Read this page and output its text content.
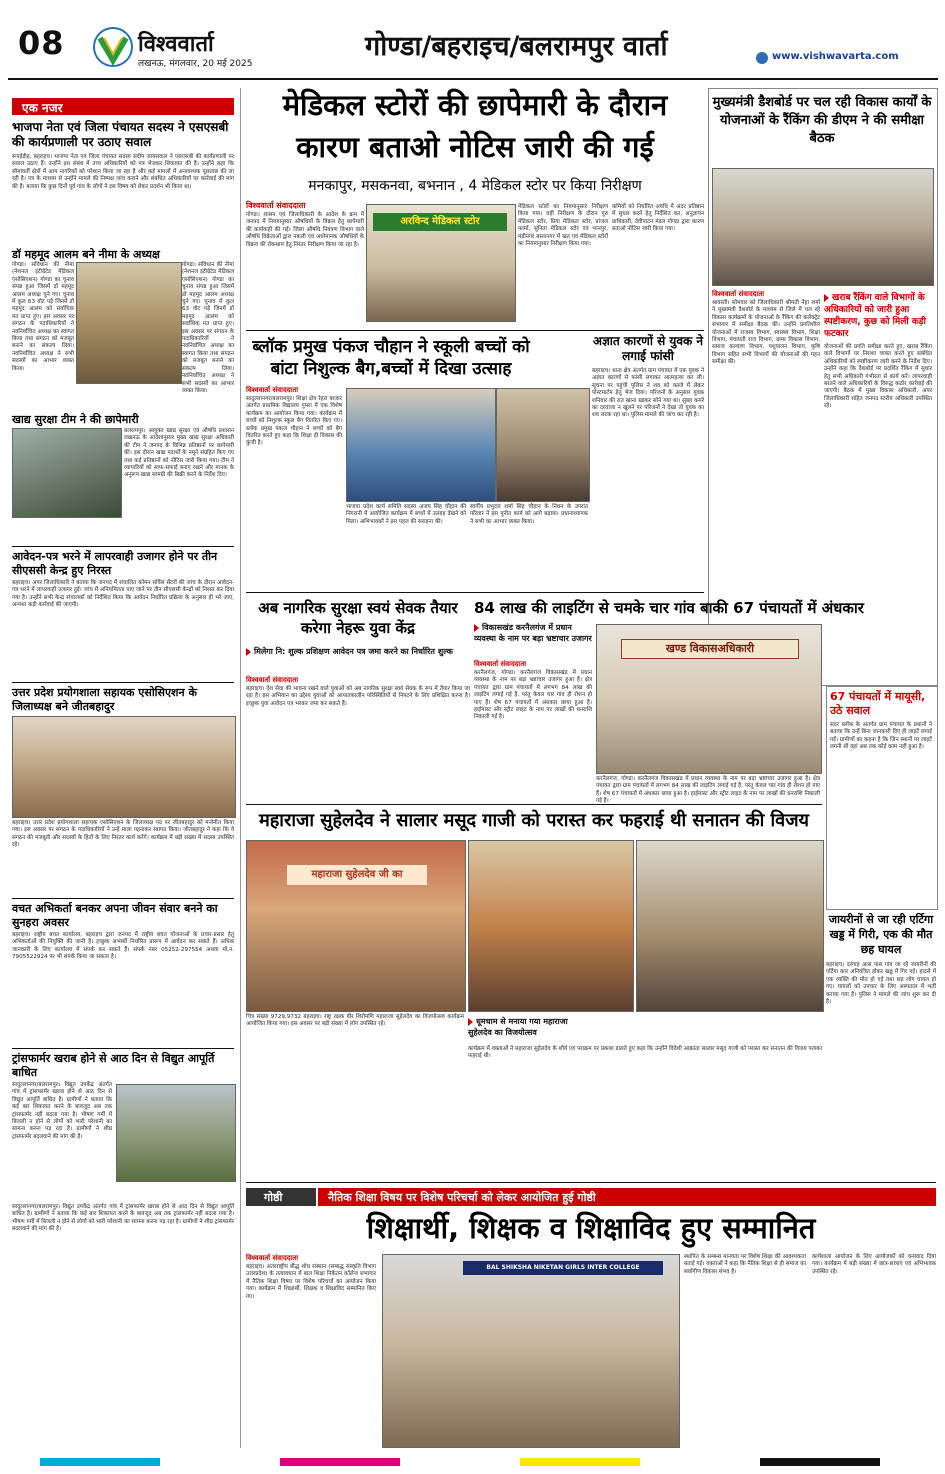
08	विश्ववार्ता
लखनऊ, मंगलवार, 20 मई 2025
गोण्डा/बहराइच/बलरामपुर वार्ता	www.vishwavarta.com
एक नजर
भाजपा नेता एवं जिला पंचायत सदस्य ने एसएसबी की कार्यप्रणाली पर उठाए सवाल
रूपईडीह, बहराइच। भाजपा नेता एवं जिला पंचायत सदस्य संदीप जायसवाल ने एसएसबी की कार्यप्रणाली पर सवाल उठाए हैं। उन्होंने इस संबंध में उच्च अधिकारियों को पत्र भेजकर शिकायत की है। उन्होंने कहा कि सीमावर्ती क्षेत्रों में आम नागरिकों को परेशान किया जा रहा है और कई मामलों में अनावश्यक पूछताछ की जा रही है। पत्र के माध्यम से उन्होंने मामले की निष्पक्ष जांच कराने और संबंधित अधिकारियों पर कार्रवाई की मांग की है। बताया कि कुछ दिनों पूर्व गांव के लोगों ने इस विषय को लेकर प्रदर्शन भी किया था।
डॉ महमूद आलम बने नीमा के अध्यक्ष
गोण्डा। संविधान की नीमा (नेशनल इंटीग्रेटेड मेडिकल एसोसिएशन) गोण्डा का चुनाव संपन्न हुआ जिसमें डॉ महमूद आलम अध्यक्ष चुने गए। चुनाव में कुल 63 वोट पड़े जिनमें डॉ महमूद आलम को सर्वाधिक मत प्राप्त हुए। इस अवसर पर संगठन के पदाधिकारियों ने नवनिर्वाचित अध्यक्ष का स्वागत किया तथा संगठन को मजबूत बनाने का संकल्प लिया। नवनिर्वाचित अध्यक्ष ने सभी सदस्यों का आभार व्यक्त किया।
गोण्डा। संविधान की नीमा (नेशनल इंटीग्रेटेड मेडिकल एसोसिएशन) गोण्डा का चुनाव संपन्न हुआ जिसमें डॉ महमूद आलम अध्यक्ष चुने गए। चुनाव में कुल 63 वोट पड़े जिनमें डॉ महमूद आलम को सर्वाधिक मत प्राप्त हुए। इस अवसर पर संगठन के पदाधिकारियों ने नवनिर्वाचित अध्यक्ष का स्वागत किया तथा संगठन को मजबूत बनाने का संकल्प लिया। नवनिर्वाचित अध्यक्ष ने सभी सदस्यों का आभार व्यक्त किया।
खाद्य सुरक्षा टीम ने की छापेमारी
बलरामपुर। आयुक्त खाद्य सुरक्षा एवं औषधि प्रशासन लखनऊ के आदेशानुसार मुख्य खाद्य सुरक्षा अधिकारी की टीम ने जनपद के विभिन्न प्रतिष्ठानों पर छापेमारी की। इस दौरान खाद्य पदार्थों के नमूने संग्रहित किए गए तथा कई प्रतिष्ठानों को नोटिस जारी किया गया। टीम ने व्यापारियों को साफ-सफाई बनाए रखने और मानक के अनुरूप खाद्य सामग्री की बिक्री करने के निर्देश दिए।
आवेदन-पत्र भरने में लापरवाही उजागर होने पर तीन सीएससी केन्द्र हुए निरस्त
बहराइच। अपर जिलाधिकारी ने बताया कि जनपद में संचालित कॉमन सर्विस सेंटरों की जांच के दौरान आवेदन-पत्र भरने में लापरवाही उजागर हुई। जांच में अनियमितता पाए जाने पर तीन सीएससी केन्द्रों को निरस्त कर दिया गया है। उन्होंने सभी केन्द्र संचालकों को निर्देशित किया कि आवेदन निर्धारित प्रक्रिया के अनुसार ही भरे जाएं, अन्यथा कड़ी कार्रवाई की जाएगी।
उत्तर प्रदेश प्रयोगशाला सहायक एसोसिएशन के जिलाध्यक्ष बने जीतबहादुर
बहराइच। उत्तर प्रदेश प्रयोगशाला सहायक एसोसिएशन के जिलाध्यक्ष पद पर जीतबहादुर को मनोनीत किया गया। इस अवसर पर संगठन के पदाधिकारियों ने उन्हें माला पहनाकर स्वागत किया। जीतबहादुर ने कहा कि वे संगठन की मजबूती और सदस्यों के हितों के लिए निरंतर कार्य करेंगे। कार्यक्रम में बड़ी संख्या में सदस्य उपस्थित रहे।
वचत अभिकर्ता बनकर अपना जीवन संवार बनने का सुनहरा अवसर
बहराइच। राष्ट्रीय बचत कार्यालय, बहराइच द्वारा जनपद में राष्ट्रीय बचत योजनाओं के प्रचार-प्रसार हेतु अभिकर्ताओं की नियुक्ति की जानी है। इच्छुक अभ्यर्थी निर्धारित प्रारूप में आवेदन कर सकते हैं। अधिक जानकारी के लिए कार्यालय में संपर्क कर सकते हैं। संपर्क नंबर 05252-297554 अथवा मो.न. 7905522924 पर भी संपर्क किया जा सकता है।
ट्रांसफार्मर खराब होने से आठ दिन से विद्युत आपूर्ति बाधित
सादुल्लानगर/बलरामपुर। विद्युत उपकेंद्र अंतर्गत गांव में ट्रांसफार्मर खराब होने से आठ दिन से विद्युत आपूर्ति बाधित है। ग्रामीणों ने बताया कि कई बार शिकायत करने के बावजूद अब तक ट्रांसफार्मर नहीं बदला गया है। भीषण गर्मी में बिजली न होने से लोगों को भारी परेशानी का सामना करना पड़ रहा है। ग्रामीणों ने शीघ्र ट्रांसफार्मर बदलवाने की मांग की है।
सादुल्लानगर/बलरामपुर। विद्युत उपकेंद्र अंतर्गत गांव में ट्रांसफार्मर खराब होने से आठ दिन से विद्युत आपूर्ति बाधित है। ग्रामीणों ने बताया कि कई बार शिकायत करने के बावजूद अब तक ट्रांसफार्मर नहीं बदला गया है। भीषण गर्मी में बिजली न होने से लोगों को भारी परेशानी का सामना करना पड़ रहा है। ग्रामीणों ने शीघ्र ट्रांसफार्मर बदलवाने की मांग की है।
मेडिकल स्टोरों की छापेमारी के दौरान
कारण बताओ नोटिस जारी की गई
मनकापुर, मसकनवा, बभनान , 4 मेडिकल स्टोर पर किया निरीक्षण
विश्ववार्ता संवाददाता
गोण्डा। शासन एवं जिलाधिकारी के आदेश के क्रम में जनपद में नियमानुसार औषधियों के विक्रय हेतु छापेमारी की कार्यवाही की गई। जिला औषधि नियंत्रण विभाग वाले औषधि विक्रेताओं द्वारा नकली एवं अधोमानक औषधियों के विक्रय की रोकथाम हेतु निरंतर निरीक्षण किया जा रहा है।
अरविन्द मेडिकल स्टोर
मेडिकल स्टोरों का नियमानुसार निरीक्षण किया गया। वहीं निरीक्षण के दौरान गुरु मेडिकल स्टोर, प्रिया मेडिकल स्टोर, प्रांजल फार्मा, सुनिता मेडिकल स्टोर एवं भानपुर, मंडीनगर बस्तानगर में खत एवं मेडिकल स्टोरों का नियमानुसार निरीक्षण किया गया।
कमियों को निर्धारित अवधि में अंदर प्रतिष्ठान में सुधार करने हेतु निर्देशित कर, अनुज्ञापन प्राधिकारी, देवीपाटन मंडल गोण्डा द्वारा कारण बताओ नोटिस जारी किया गया।
मुख्यमंत्री डैशबोर्ड पर चल रही विकास कार्यों के योजनाओं के रैंकिंग की डीएम ने की समीक्षा बैठक
विश्ववार्ता संवाददाता
श्रावस्ती। सोमवार को जिलाधिकारी श्रीमती नेहा शर्मा ने मुख्यमंत्री डैशबोर्ड के माध्यम से जिले में चल रहे विकास कार्यक्रमों के योजनाओं के रैंकिंग की कलेक्ट्रेट सभागार में समीक्षा बैठक की। उन्होंने प्रगतिशील योजनाओं में राजस्व विभाग, स्वास्थ्य विभाग, शिक्षा विभाग, पंचायती राज विभाग, ग्राम्य विकास विभाग, समाज कल्याण विभाग, पशुपालन विभाग, कृषि विभाग सहित सभी विभागों की योजनाओं की गहन समीक्षा की।
खराब रैंकिंग वाले विभागों के अधिकारियों को जारी हुआ स्पष्टीकरण, कुछ को मिली कड़ी फटकार
योजनाओं की प्रगति समीक्षा करते हुए, खराब रैंकिंग वाले विभागों पर निराशा व्यक्त करते हुए संबंधित अधिकारियों को स्पष्टीकरण जारी करने के निर्देश दिए। उन्होंने कहा कि डैशबोर्ड पर प्रदर्शित रैंकिंग में सुधार हेतु सभी अधिकारी गंभीरता से कार्य करें। लापरवाही बरतने वाले अधिकारियों के विरुद्ध कठोर कार्रवाई की जाएगी। बैठक में मुख्य विकास अधिकारी, अपर जिलाधिकारी सहित जनपद स्तरीय अधिकारी उपस्थित रहे।
ब्लॉक प्रमुख पंकज चौहान ने स्कूली बच्चों को बांटा निशुल्क बैग,बच्चों में दिखा उत्साह
विश्ववार्ता संवाददाता
सादुल्लानगर/बलरामपुर। शिक्षा क्षेत्र रेहरा बाजार अंतर्गत प्राथमिक विद्यालय गुमरा में एक विशेष कार्यक्रम का आयोजन किया गया। कार्यक्रम में बच्चों को निशुल्क स्कूल बैग वितरित किए गए। ब्लॉक प्रमुख पंकज चौहान ने बच्चों को बैग वितरित करते हुए कहा कि शिक्षा ही विकास की कुंजी है।
भाजपा प्रदेश कार्य समिति सदस्य अजय सिंह चौहान की निगरानी में आयोजित कार्यक्रम में बच्चों में उत्साह देखने को मिला। अभिभावकों ने इस पहल की सराहना की।
स्वर्गीय प्रभुदत्त शर्मा सिंह चौहान के निधन के उपरांत परिवार ने इस पुनीत कार्य को आगे बढ़ाया। प्रधानाध्यापक ने सभी का आभार व्यक्त किया।
अज्ञात कारणों से युवक ने लगाई फांसी
बहराइच। थाना क्षेत्र अंतर्गत ग्राम पंचायत में एक युवक ने अज्ञात कारणों से फांसी लगाकर आत्महत्या कर ली। सूचना पर पहुंची पुलिस ने शव को कब्जे में लेकर पोस्टमार्टम हेतु भेज दिया। परिजनों के अनुसार युवक शनिवार की रात खाना खाकर सोने गया था। सुबह कमरे का दरवाजा न खुलने पर परिजनों ने देखा तो युवक का शव लटक रहा था। पुलिस मामले की जांच कर रही है।
अब नागरिक सुरक्षा स्वयं सेवक तैयार करेगा नेहरू युवा केंद्र
मिलेगा नि: शुल्क प्रशिक्षण आवेदन पत्र जमा करने का निर्धारित शुल्क
विश्ववार्ता संवाददाता
बहराइच। देश सेवा की भावना रखने वाले युवाओं को अब नागरिक सुरक्षा स्वयं सेवक के रूप में तैयार किया जा रहा है। इस अभियान का उद्देश्य युवाओं को आपातकालीन परिस्थितियों से निपटने के लिए प्रशिक्षित करना है। इच्छुक युवा आवेदन पत्र भरकर जमा कर सकते हैं।
84 लाख की लाइटिंग से चमके चार गांव बाकी 67 पंचायतों में अंधकार
विकासखंड करनैलगंज में प्रधान व्यवस्था के नाम पर बड़ा भ्रष्टाचार उजागर
विश्ववार्ता संवाददाता
करनैलगंज, गोण्डा। करनैलगंज विकासखंड में प्रधान व्यवस्था के नाम पर बड़ा भ्रष्टाचार उजागर हुआ है। क्षेत्र पंचायत द्वारा ग्राम पंचायतों में लगभग 84 लाख की लाइटिंग लगाई गई है, परंतु केवल चार गांव ही रोशन हो पाए हैं। शेष 67 पंचायतों में अंधकार छाया हुआ है। हाईमास्ट और स्ट्रीट लाइट के नाम पर लाखों की धनराशि निकाली गई है।
खण्ड विकासअधिकारी
करनैलगंज, गोण्डा। करनैलगंज विकासखंड में प्रधान व्यवस्था के नाम पर बड़ा भ्रष्टाचार उजागर हुआ है। क्षेत्र पंचायत द्वारा ग्राम पंचायतों में लगभग 84 लाख की लाइटिंग लगाई गई है, परंतु केवल चार गांव ही रोशन हो पाए हैं। शेष 67 पंचायतों में अंधकार छाया हुआ है। हाईमास्ट और स्ट्रीट लाइट के नाम पर लाखों की धनराशि निकाली गई है।
67 पंचायतों में मायूसी, उठे सवाल
सदर ब्लॉक के अंतर्गत ग्राम पंचायत के प्रधानों ने बताया कि उन्हें बिना जानकारी दिए ही लाइटें लगाई गईं। ग्रामीणों का कहना है कि जिन स्थानों पर लाइटें लगनी थीं वहां अब तक कोई काम नहीं हुआ है।
जायरीनों से जा रही एर्टिगा खड्ड में गिरी, एक की मौत छह घायल
बहराइच। दरगाह आस पास गांव जा रहे जायरीनों की एर्टिगा कार अनियंत्रित होकर खड्ड में गिर गई। हादसे में एक व्यक्ति की मौत हो गई तथा छह लोग घायल हो गए। घायलों को उपचार के लिए अस्पताल में भर्ती कराया गया है। पुलिस ने मामले की जांच शुरू कर दी है।
महाराजा सुहेलदेव ने सालार मसूद गाजी को परास्त कर फहराई थी सनातन की विजय
महाराजा सुहेलदेव जी का
चित्र संख्या 9729,9732 बहराइच। राष्ट्र रक्षक वीर शिरोमणि महाराजा सुहेलदेव का विजयोत्सव कार्यक्रम आयोजित किया गया। इस अवसर पर बड़ी संख्या में लोग उपस्थित रहे।	धूमधाम से मनाया गया महाराजा सुहेलदेव का विजयोत्सव
कार्यक्रम में वक्ताओं ने महाराजा सुहेलदेव के शौर्य एवं पराक्रम पर प्रकाश डालते हुए कहा कि उन्होंने विदेशी आक्रांता सालार मसूद गाजी को परास्त कर सनातन की विजय पताका फहराई थी।
गोष्ठी	नैतिक शिक्षा विषय पर विशेष परिचर्चा को लेकर आयोजित हुई गोष्ठी
शिक्षार्थी, शिक्षक व शिक्षाविद हुए सम्मानित
विश्ववार्ता संवाददाता
बहराइच। अंतरराष्ट्रीय बौद्ध शोध संस्थान (सम्बद्ध संस्कृति विभाग उत्तरप्रदेश) के तत्वावधान में बाल शिक्षा निकेतन कॉलेज सभागार में नैतिक शिक्षा विषय पर विशेष परिचर्चा का आयोजन किया गया। कार्यक्रम में शिक्षार्थी, शिक्षक व शिक्षाविद सम्मानित किए गए।
BAL SHIKSHA NIKETAN GIRLS INTER COLLEGE
स्थापित के सम्बन्ध मानवता पर विशेष शिक्षा की आवश्यकता बताई गई। वक्ताओं ने कहा कि नैतिक शिक्षा से ही समाज का सर्वांगीण विकास संभव है।
कार्यशाला आयोजन के लिए आयोजकों को धन्यवाद दिया गया। कार्यक्रम में बड़ी संख्या में छात्र-छात्राएं एवं अभिभावक उपस्थित रहे।
